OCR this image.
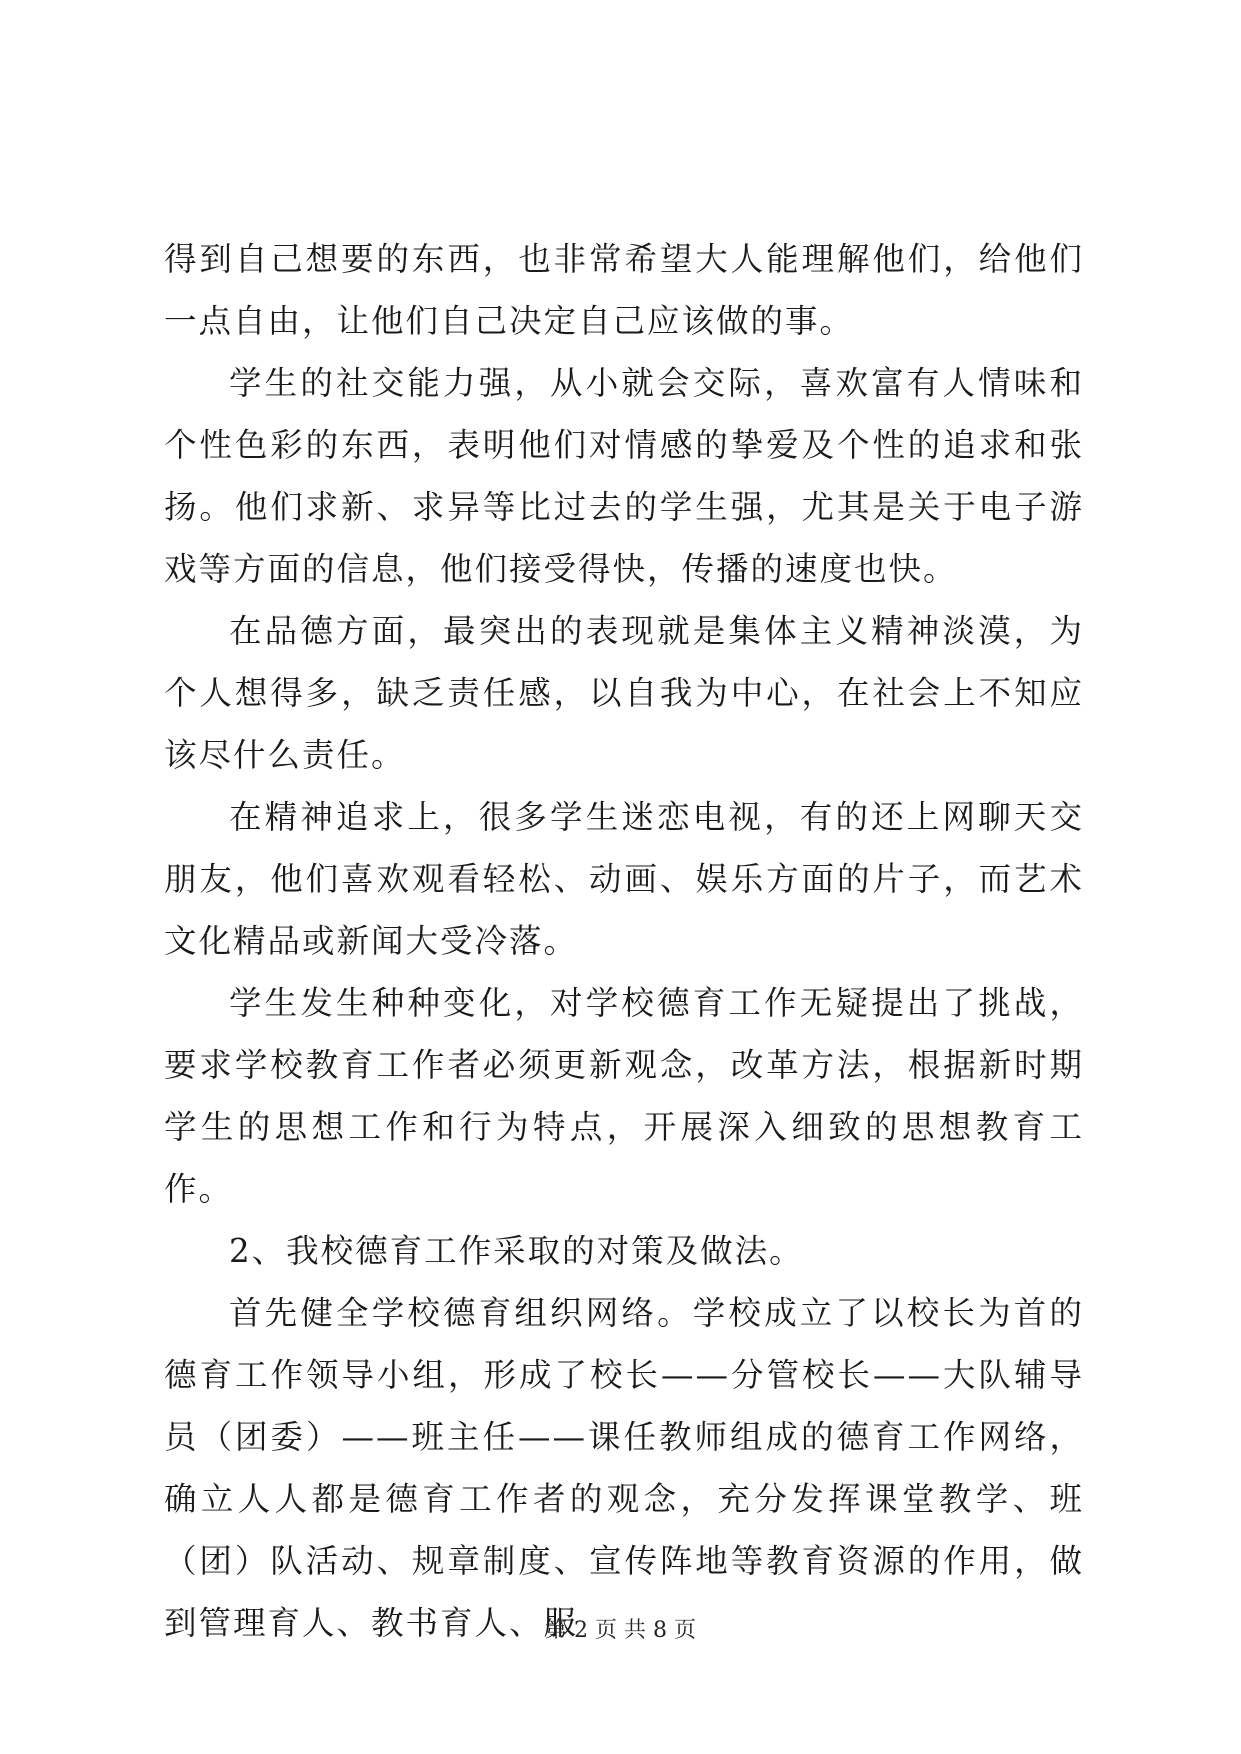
得到自己想要的东西，也非常希望大人能理解他们，给他们一点自由，让他们自己决定自己应该做的事。

学生的社交能力强，从小就会交际，喜欢富有人情味和个性色彩的东西，表明他们对情感的挚爱及个性的追求和张扬。他们求新、求异等比过去的学生强，尤其是关于电子游戏等方面的信息，他们接受得快，传播的速度也快。

在品德方面，最突出的表现就是集体主义精神淡漠，为个人想得多，缺乏责任感，以自我为中心，在社会上不知应该尽什么责任。

在精神追求上，很多学生迷恋电视，有的还上网聊天交朋友，他们喜欢观看轻松、动画、娱乐方面的片子，而艺术文化精品或新闻大受冷落。

学生发生种种变化，对学校德育工作无疑提出了挑战，要求学校教育工作者必须更新观念，改革方法，根据新时期学生的思想工作和行为特点，开展深入细致的思想教育工作。

2、我校德育工作采取的对策及做法。

首先健全学校德育组织网络。学校成立了以校长为首的德育工作领导小组，形成了校长——分管校长——大队辅导员（团委）——班主任——课任教师组成的德育工作网络，确立人人都是德育工作者的观念，充分发挥课堂教学、班（团）队活动、规章制度、宣传阵地等教育资源的作用，做到管理育人、教书育人、服

第 2 页 共 8 页
